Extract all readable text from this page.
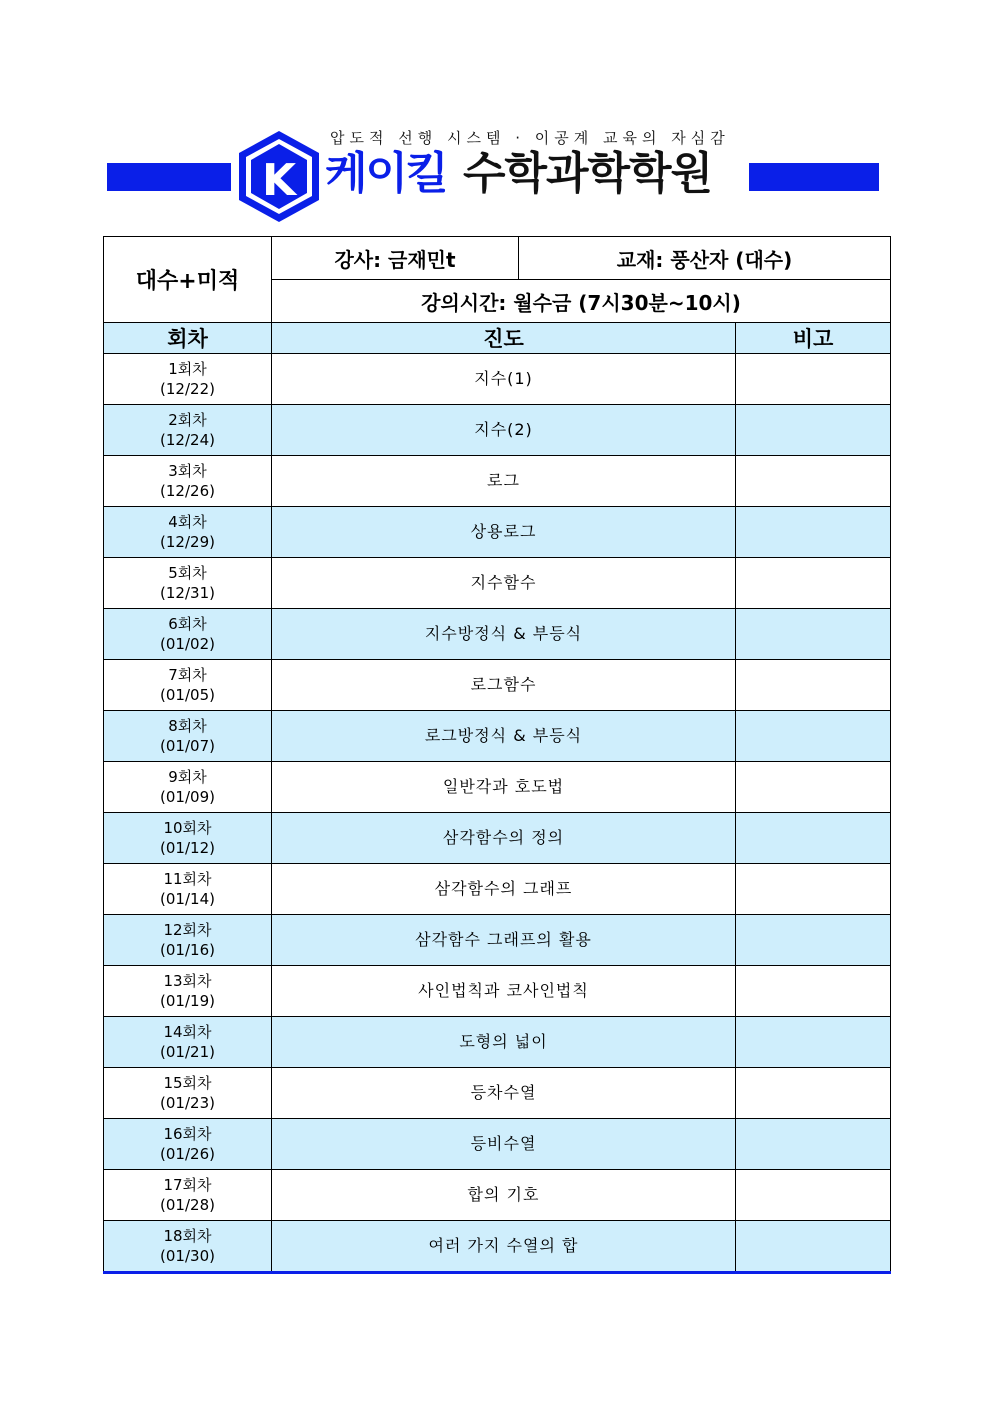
압도적 선행 시스템 · 이공계 교육의 자심감
K 케이킬 수학과학학원
대수+미적	강사: 금재민t	교재: 풍산자 (대수)	
	강의시간: 월수금 (7시30분~10시)		
회차	진도		비고

1회차
(12/22)	지수(1)		

2회차
(12/24)	지수(2)		

3회차
(12/26)	로그		

4회차
(12/29)	상용로그		

5회차
(12/31)	지수함수		

6회차
(01/02)	지수방정식 & 부등식		

7회차
(01/05)	로그함수		

8회차
(01/07)	로그방정식 & 부등식		

9회차
(01/09)	일반각과 호도법		

10회차
(01/12)	삼각함수의 정의		

11회차
(01/14)	삼각함수의 그래프		

12회차
(01/16)	삼각함수 그래프의 활용		

13회차
(01/19)	사인법칙과 코사인법칙		

14회차
(01/21)	도형의 넓이		

15회차
(01/23)	등차수열		

16회차
(01/26)	등비수열		

17회차
(01/28)	합의 기호		

18회차
(01/30)	여러 가지 수열의 합		
